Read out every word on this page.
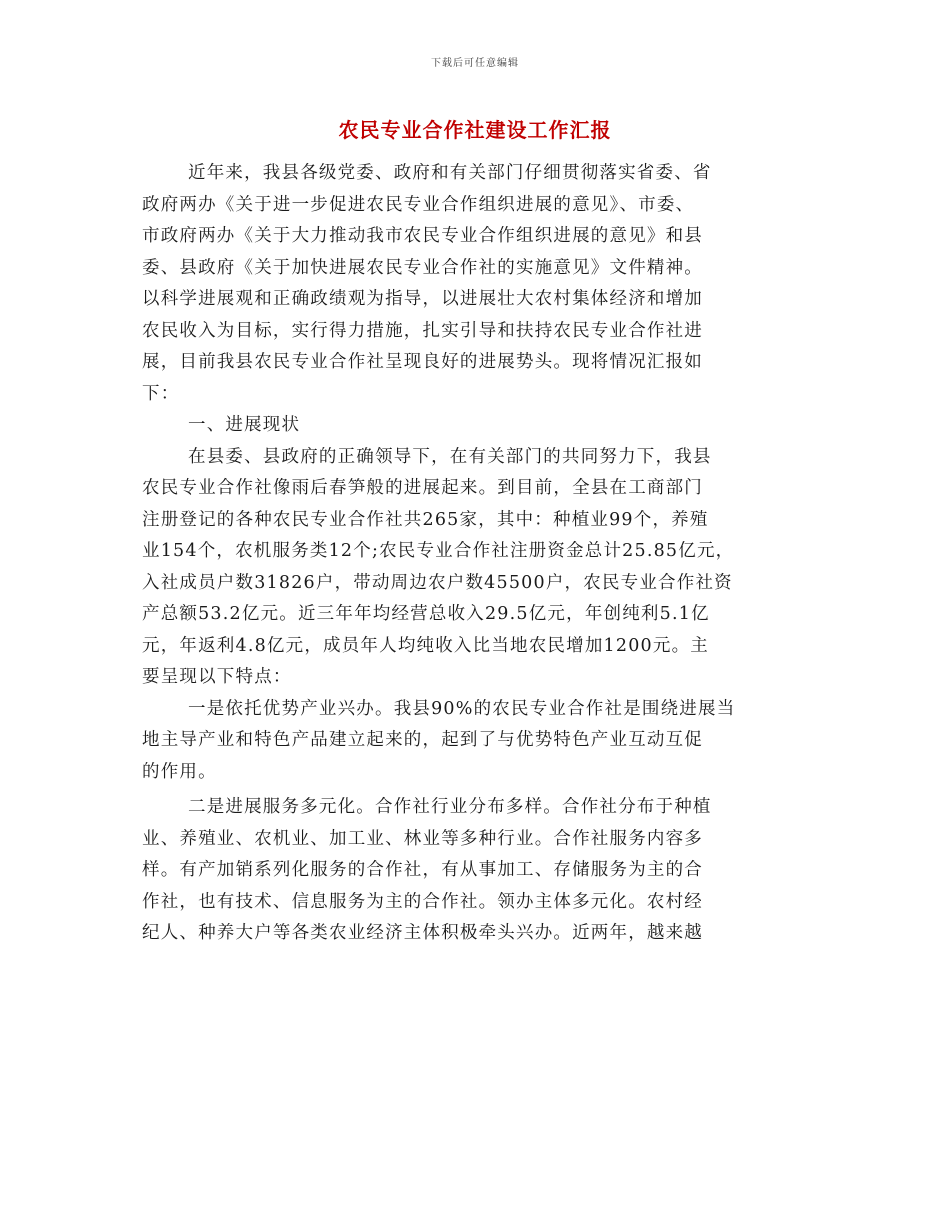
下载后可任意编辑
农民专业合作社建设工作汇报
近年来，我县各级党委、政府和有关部门仔细贯彻落实省委、省
政府两办《关于进一步促进农民专业合作组织进展的意见》、市委、
市政府两办《关于大力推动我市农民专业合作组织进展的意见》和县
委、县政府《关于加快进展农民专业合作社的实施意见》文件精神。
以科学进展观和正确政绩观为指导，以进展壮大农村集体经济和增加
农民收入为目标，实行得力措施，扎实引导和扶持农民专业合作社进
展，目前我县农民专业合作社呈现良好的进展势头。现将情况汇报如
下：
一、进展现状
在县委、县政府的正确领导下，在有关部门的共同努力下，我县
农民专业合作社像雨后春笋般的进展起来。到目前，全县在工商部门
注册登记的各种农民专业合作社共265家，其中：种植业99个，养殖
业154个，农机服务类12个;农民专业合作社注册资金总计25.85亿元，
入社成员户数31826户，带动周边农户数45500户，农民专业合作社资
产总额53.2亿元。近三年年均经营总收入29.5亿元，年创纯利5.1亿
元，年返利4.8亿元，成员年人均纯收入比当地农民增加1200元。主
要呈现以下特点：
一是依托优势产业兴办。我县90%的农民专业合作社是围绕进展当
地主导产业和特色产品建立起来的，起到了与优势特色产业互动互促
的作用。
二是进展服务多元化。合作社行业分布多样。合作社分布于种植
业、养殖业、农机业、加工业、林业等多种行业。合作社服务内容多
样。有产加销系列化服务的合作社，有从事加工、存储服务为主的合
作社，也有技术、信息服务为主的合作社。领办主体多元化。农村经
纪人、种养大户等各类农业经济主体积极牵头兴办。近两年，越来越
